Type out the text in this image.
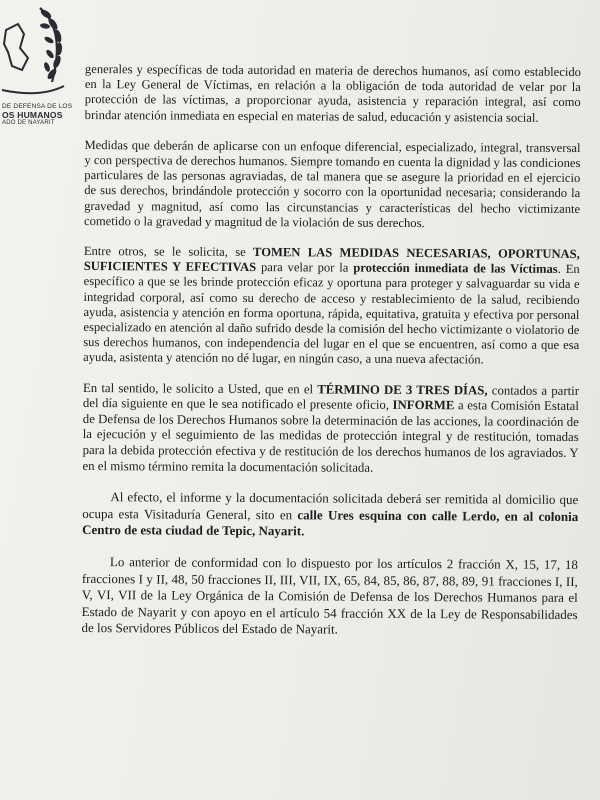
DE DEFENSA DE LOS
OS HUMANOS
ADO DE NAYARIT

generales y específicas de toda autoridad en materia de derechos humanos, así como establecido en la Ley General de Víctimas, en relación a la obligación de toda autoridad de velar por la protección de las víctimas, a proporcionar ayuda, asistencia y reparación integral, así como brindar atención inmediata en especial en materias de salud, educación y asistencia social.

Medidas que deberán de aplicarse con un enfoque diferencial, especializado, integral, transversal y con perspectiva de derechos humanos. Siempre tomando en cuenta la dignidad y las condiciones particulares de las personas agraviadas, de tal manera que se asegure la prioridad en el ejercicio de sus derechos, brindándole protección y socorro con la oportunidad necesaria; considerando la gravedad y magnitud, así como las circunstancias y características del hecho victimizante cometido o la gravedad y magnitud de la violación de sus derechos.

Entre otros, se le solicita, se TOMEN LAS MEDIDAS NECESARIAS, OPORTUNAS, SUFICIENTES Y EFECTIVAS para velar por la protección inmediata de las Víctimas. En específico a que se les brinde protección eficaz y oportuna para proteger y salvaguardar su vida e integridad corporal, así como su derecho de acceso y restablecimiento de la salud, recibiendo ayuda, asistencia y atención en forma oportuna, rápida, equitativa, gratuita y efectiva por personal especializado en atención al daño sufrido desde la comisión del hecho victimizante o violatorio de sus derechos humanos, con independencia del lugar en el que se encuentren, así como a que esa ayuda, asistenta y atención no dé lugar, en ningún caso, a una nueva afectación.

En tal sentido, le solicito a Usted, que en el TÉRMINO DE 3 TRES DÍAS, contados a partir del día siguiente en que le sea notificado el presente oficio, INFORME a esta Comisión Estatal de Defensa de los Derechos Humanos sobre la determinación de las acciones, la coordinación de la ejecución y el seguimiento de las medidas de protección integral y de restitución, tomadas para la debida protección efectiva y de restitución de los derechos humanos de los agraviados. Y en el mismo término remita la documentación solicitada.

Al efecto, el informe y la documentación solicitada deberá ser remitida al domicilio que ocupa esta Visitaduría General, sito en calle Ures esquina con calle Lerdo, en al colonia Centro de esta ciudad de Tepic, Nayarit.

Lo anterior de conformidad con lo dispuesto por los artículos 2 fracción X, 15, 17, 18 fracciones I y II, 48, 50 fracciones II, III, VII, IX, 65, 84, 85, 86, 87, 88, 89, 91 fracciones I, II, V, VI, VII de la Ley Orgánica de la Comisión de Defensa de los Derechos Humanos para el Estado de Nayarit y con apoyo en el artículo 54 fracción XX de la Ley de Responsabilidades de los Servidores Públicos del Estado de Nayarit.
